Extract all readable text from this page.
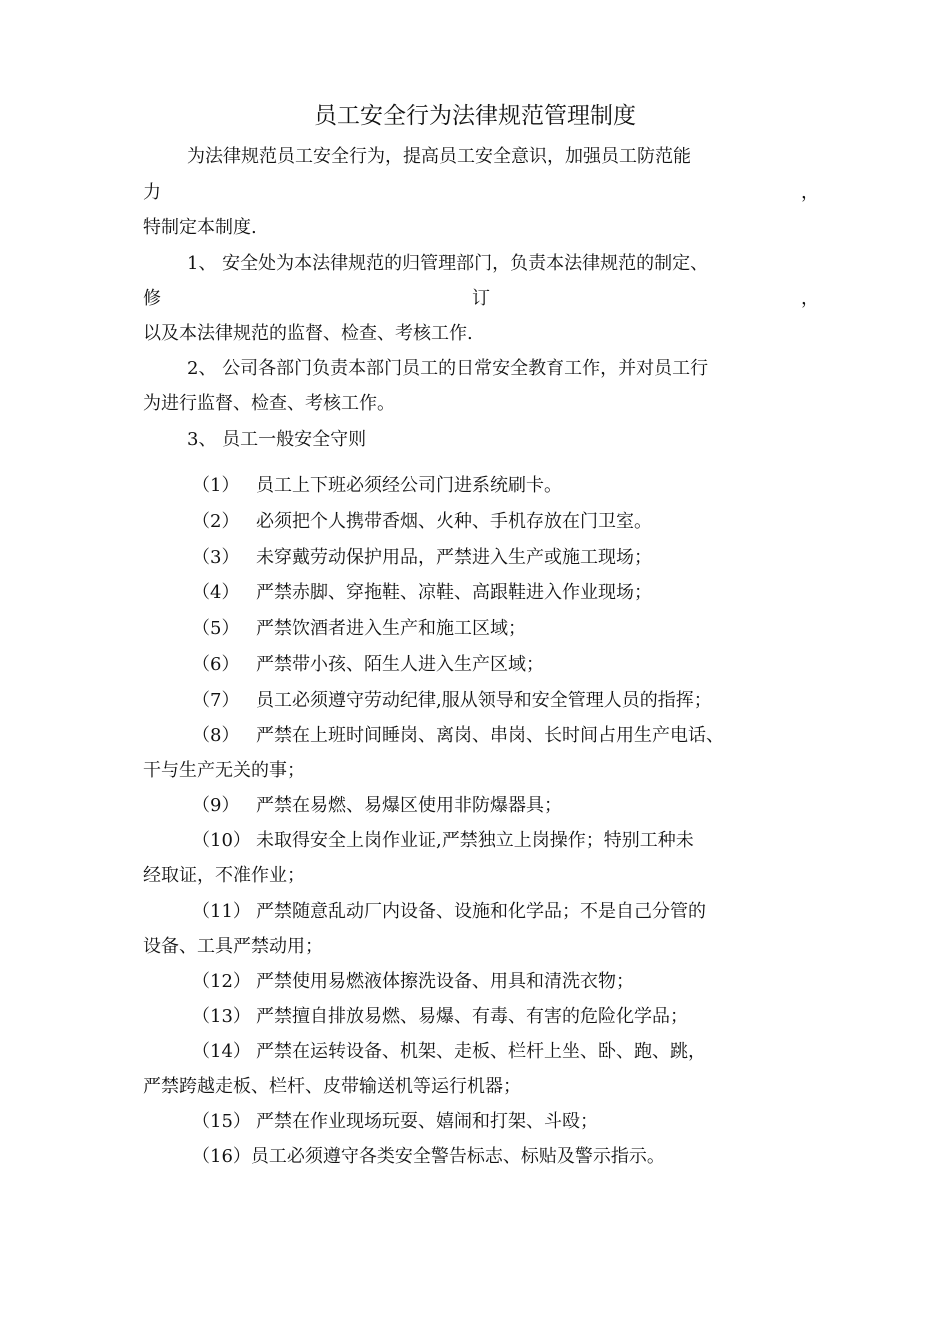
员工安全行为法律规范管理制度
为法律规范员工安全行为，提高员工安全意识，加强员工防范能
力	，
特制定本制度.
1、 安全处为本法律规范的归管理部门，负责本法律规范的制定、
修	订	，
以及本法律规范的监督、检查、考核工作.
2、 公司各部门负责本部门员工的日常安全教育工作，并对员工行
为进行监督、检查、考核工作。
3、 员工一般安全守则
（1） 员工上下班必须经公司门进系统刷卡。
（2） 必须把个人携带香烟、火种、手机存放在门卫室。
（3） 未穿戴劳动保护用品，严禁进入生产或施工现场；
（4） 严禁赤脚、穿拖鞋、凉鞋、高跟鞋进入作业现场；
（5） 严禁饮酒者进入生产和施工区域；
（6） 严禁带小孩、陌生人进入生产区域；
（7） 员工必须遵守劳动纪律,服从领导和安全管理人员的指挥；
（8） 严禁在上班时间睡岗、离岗、串岗、长时间占用生产电话、
干与生产无关的事；
（9） 严禁在易燃、易爆区使用非防爆器具；
（10） 未取得安全上岗作业证,严禁独立上岗操作；特别工种未
经取证，不准作业；
（11） 严禁随意乱动厂内设备、设施和化学品；不是自己分管的
设备、工具严禁动用；
（12） 严禁使用易燃液体擦洗设备、用具和清洗衣物；
（13） 严禁擅自排放易燃、易爆、有毒、有害的危险化学品；
（14） 严禁在运转设备、机架、走板、栏杆上坐、卧、跑、跳，
严禁跨越走板、栏杆、皮带输送机等运行机器；
（15） 严禁在作业现场玩耍、嬉闹和打架、斗殴；
（16）员工必须遵守各类安全警告标志、标贴及警示指示。
